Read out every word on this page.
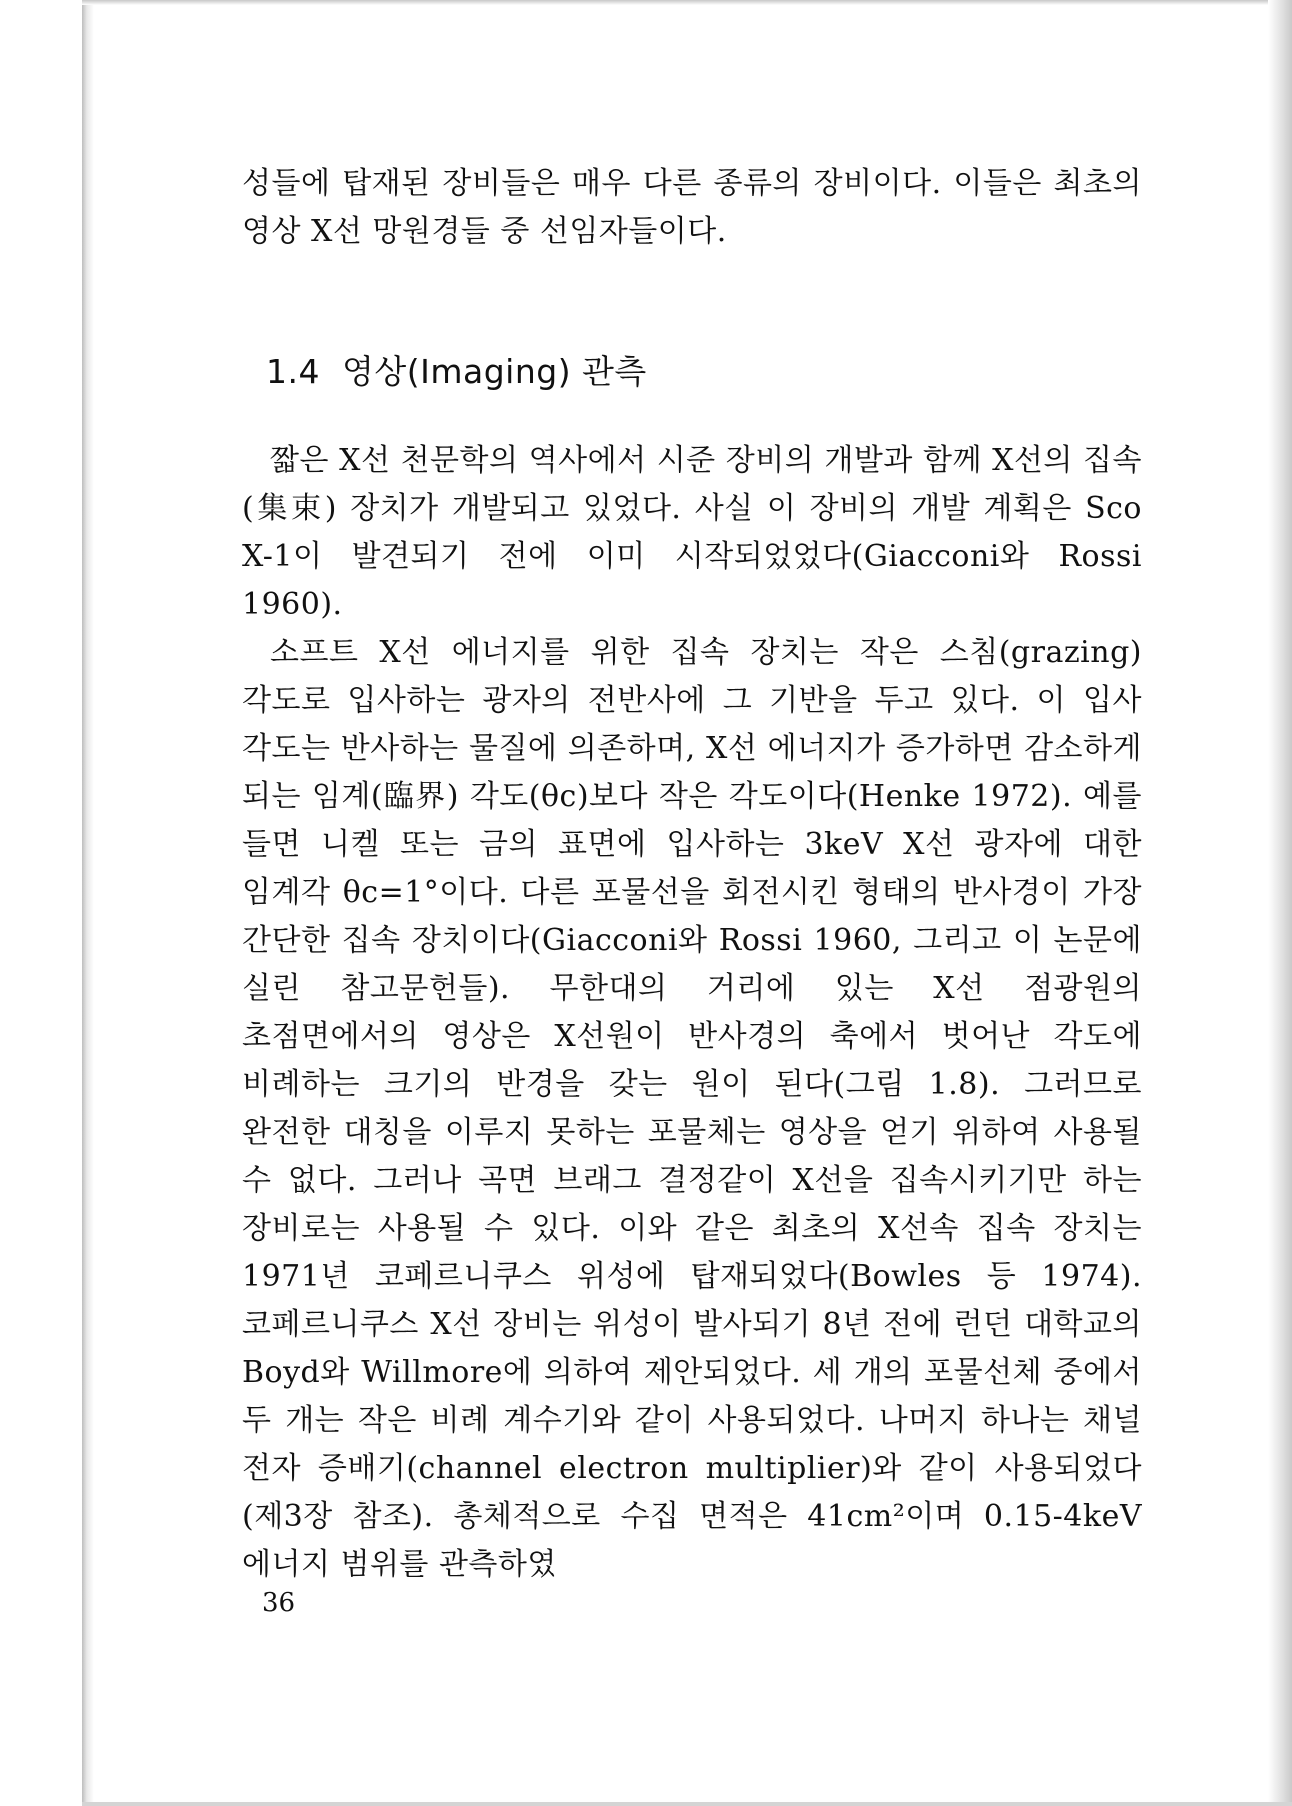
성들에 탑재된 장비들은 매우 다른 종류의 장비이다. 이들은 최초의 영상 X선 망원경들 중 선임자들이다.

1.4 영상(Imaging) 관측

짧은 X선 천문학의 역사에서 시준 장비의 개발과 함께 X선의 집속(集束) 장치가 개발되고 있었다. 사실 이 장비의 개발 계획은 Sco X-1이 발견되기 전에 이미 시작되었었다(Giacconi와 Rossi 1960).

소프트 X선 에너지를 위한 집속 장치는 작은 스침(grazing) 각도로 입사하는 광자의 전반사에 그 기반을 두고 있다. 이 입사 각도는 반사하는 물질에 의존하며, X선 에너지가 증가하면 감소하게 되는 임계(臨界) 각도(θc)보다 작은 각도이다(Henke 1972). 예를 들면 니켈 또는 금의 표면에 입사하는 3keV X선 광자에 대한 임계각 θc=1°이다. 다른 포물선을 회전시킨 형태의 반사경이 가장 간단한 집속 장치이다(Giacconi와 Rossi 1960, 그리고 이 논문에 실린 참고문헌들). 무한대의 거리에 있는 X선 점광원의 초점면에서의 영상은 X선원이 반사경의 축에서 벗어난 각도에 비례하는 크기의 반경을 갖는 원이 된다(그림 1.8). 그러므로 완전한 대칭을 이루지 못하는 포물체는 영상을 얻기 위하여 사용될 수 없다. 그러나 곡면 브래그 결정같이 X선을 집속시키기만 하는 장비로는 사용될 수 있다. 이와 같은 최초의 X선속 집속 장치는 1971년 코페르니쿠스 위성에 탑재되었다(Bowles 등 1974). 코페르니쿠스 X선 장비는 위성이 발사되기 8년 전에 런던 대학교의 Boyd와 Willmore에 의하여 제안되었다. 세 개의 포물선체 중에서 두 개는 작은 비례 계수기와 같이 사용되었다. 나머지 하나는 채널 전자 증배기(channel electron multiplier)와 같이 사용되었다(제3장 참조). 총체적으로 수집 면적은 41cm²이며 0.15-4keV 에너지 범위를 관측하였

36
